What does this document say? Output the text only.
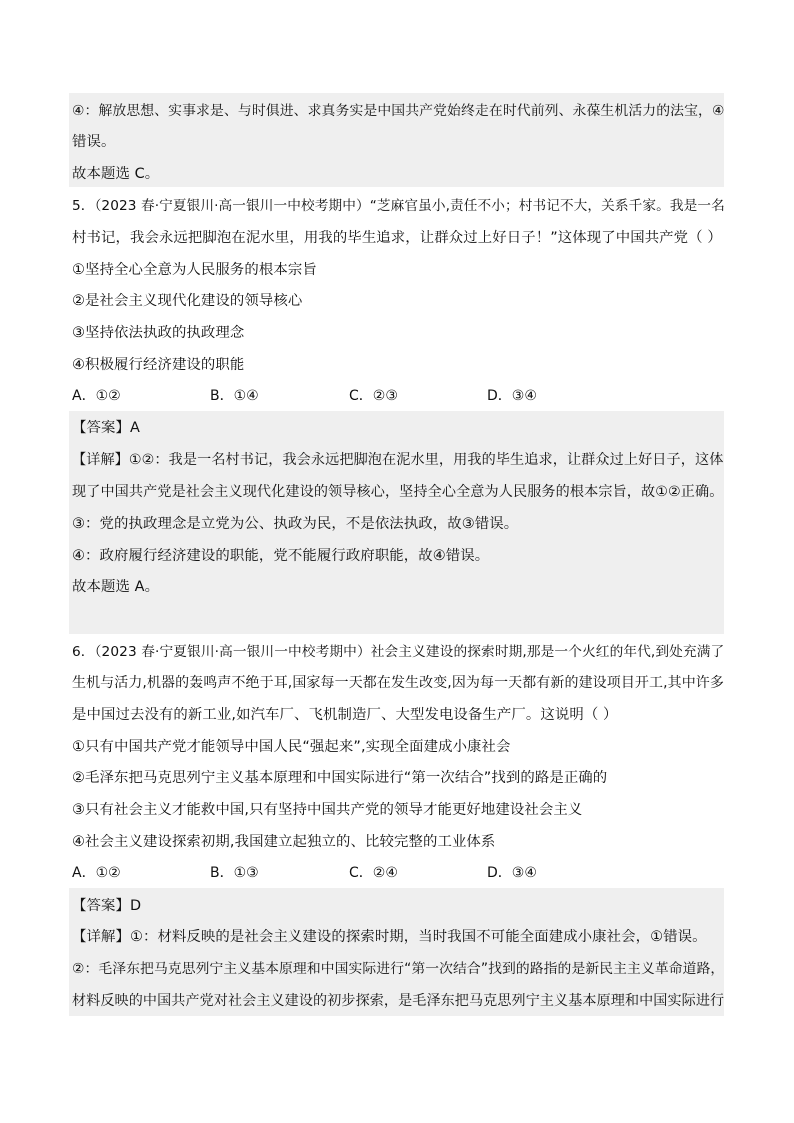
④：解放思想、实事求是、与时俱进、求真务实是中国共产党始终走在时代前列、永葆生机活力的法宝，④
错误。
故本题选 C。
5．（2023 春·宁夏银川·高一银川一中校考期中）“芝麻官虽小,责任不小；村书记不大，关系千家。我是一名
村书记，我会永远把脚泡在泥水里，用我的毕生追求，让群众过上好日子！”这体现了中国共产党（ ）
①坚持全心全意为人民服务的根本宗旨
②是社会主义现代化建设的领导核心
③坚持依法执政的执政理念
④积极履行经济建设的职能
A．①②	B．①④	C．②③	D．③④
【答案】A
【详解】①②：我是一名村书记，我会永远把脚泡在泥水里，用我的毕生追求，让群众过上好日子，这体
现了中国共产党是社会主义现代化建设的领导核心，坚持全心全意为人民服务的根本宗旨，故①②正确。
③：党的执政理念是立党为公、执政为民，不是依法执政，故③错误。
④：政府履行经济建设的职能，党不能履行政府职能，故④错误。
故本题选 A。
6．（2023 春·宁夏银川·高一银川一中校考期中）社会主义建设的探索时期,那是一个火红的年代,到处充满了
生机与活力,机器的轰鸣声不绝于耳,国家每一天都在发生改变,因为每一天都有新的建设项目开工,其中许多
是中国过去没有的新工业,如汽车厂、飞机制造厂、大型发电设备生产厂。这说明（ ）
①只有中国共产党才能领导中国人民“强起来”,实现全面建成小康社会
②毛泽东把马克思列宁主义基本原理和中国实际进行“第一次结合”找到的路是正确的
③只有社会主义才能救中国,只有坚持中国共产党的领导才能更好地建设社会主义
④社会主义建设探索初期,我国建立起独立的、比较完整的工业体系
A．①②	B．①③	C．②④	D．③④
【答案】D
【详解】①：材料反映的是社会主义建设的探索时期，当时我国不可能全面建成小康社会，①错误。
②：毛泽东把马克思列宁主义基本原理和中国实际进行“第一次结合”找到的路指的是新民主主义革命道路，
材料反映的中国共产党对社会主义建设的初步探索，是毛泽东把马克思列宁主义基本原理和中国实际进行
